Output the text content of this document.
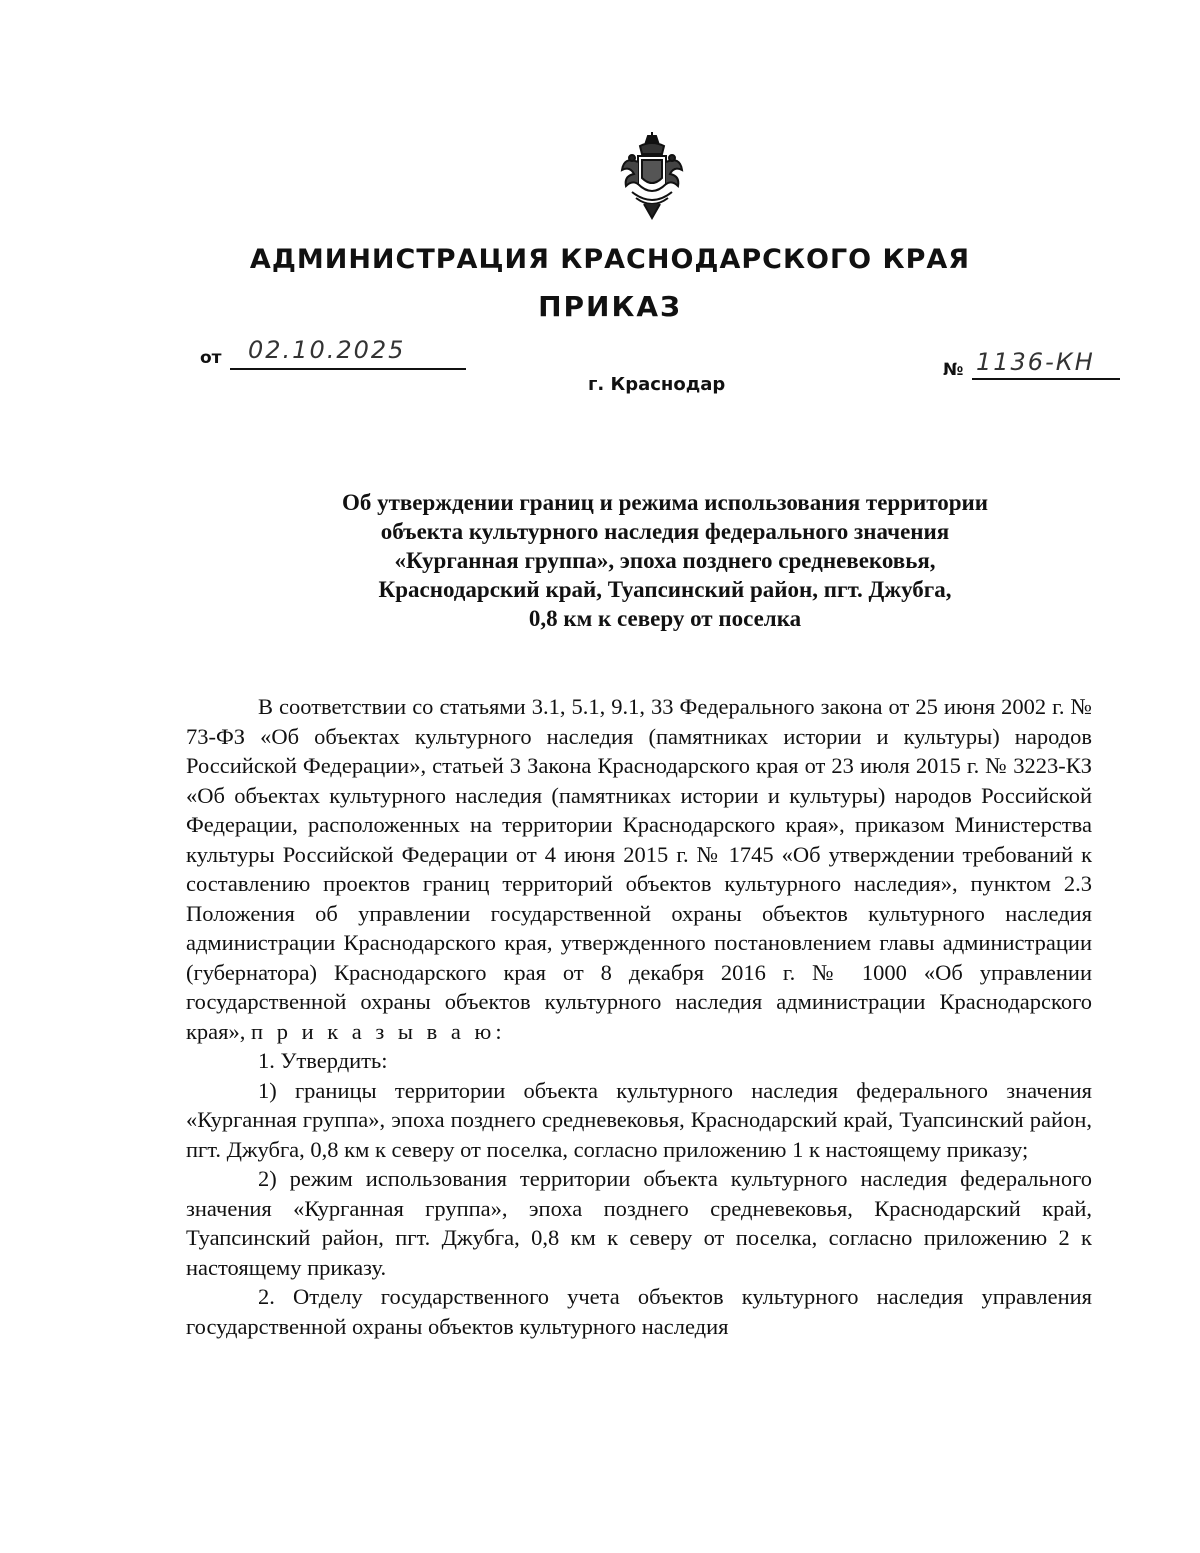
АДМИНИСТРАЦИЯ КРАСНОДАРСКОГО КРАЯ
ПРИКАЗ
от 02.10.2025
№ 1136-КН
г. Краснодар
Об утверждении границ и режима использования территории
объекта культурного наследия федерального значения
«Курганная группа», эпоха позднего средневековья,
Краснодарский край, Туапсинский район, пгт. Джубга,
0,8 км к северу от поселка

В соответствии со статьями 3.1, 5.1, 9.1, 33 Федерального закона от 25 июня 2002 г. № 73-ФЗ «Об объектах культурного наследия (памятниках истории и культуры) народов Российской Федерации», статьей 3 Закона Краснодарского края от 23 июля 2015 г. № 3223-КЗ «Об объектах культурного наследия (памятниках истории и культуры) народов Российской Федерации, расположенных на территории Краснодарского края», приказом Министерства культуры Российской Федерации от 4 июня 2015 г. № 1745 «Об утверждении требований к составлению проектов границ территорий объектов культурного наследия», пунктом 2.3 Положения об управлении государственной охраны объектов культурного наследия администрации Краснодарского края, утвержденного постановлением главы администрации (губернатора) Краснодарского края от 8 декабря 2016 г. № 1000 «Об управлении государственной охраны объектов культурного наследия администрации Краснодарского края», п р и к а з ы в а ю:

1. Утвердить:

1) границы территории объекта культурного наследия федерального значения «Курганная группа», эпоха позднего средневековья, Краснодарский край, Туапсинский район, пгт. Джубга, 0,8 км к северу от поселка, согласно приложению 1 к настоящему приказу;

2) режим использования территории объекта культурного наследия федерального значения «Курганная группа», эпоха позднего средневековья, Краснодарский край, Туапсинский район, пгт. Джубга, 0,8 км к северу от поселка, согласно приложению 2 к настоящему приказу.

2. Отделу государственного учета объектов культурного наследия управления государственной охраны объектов культурного наследия
